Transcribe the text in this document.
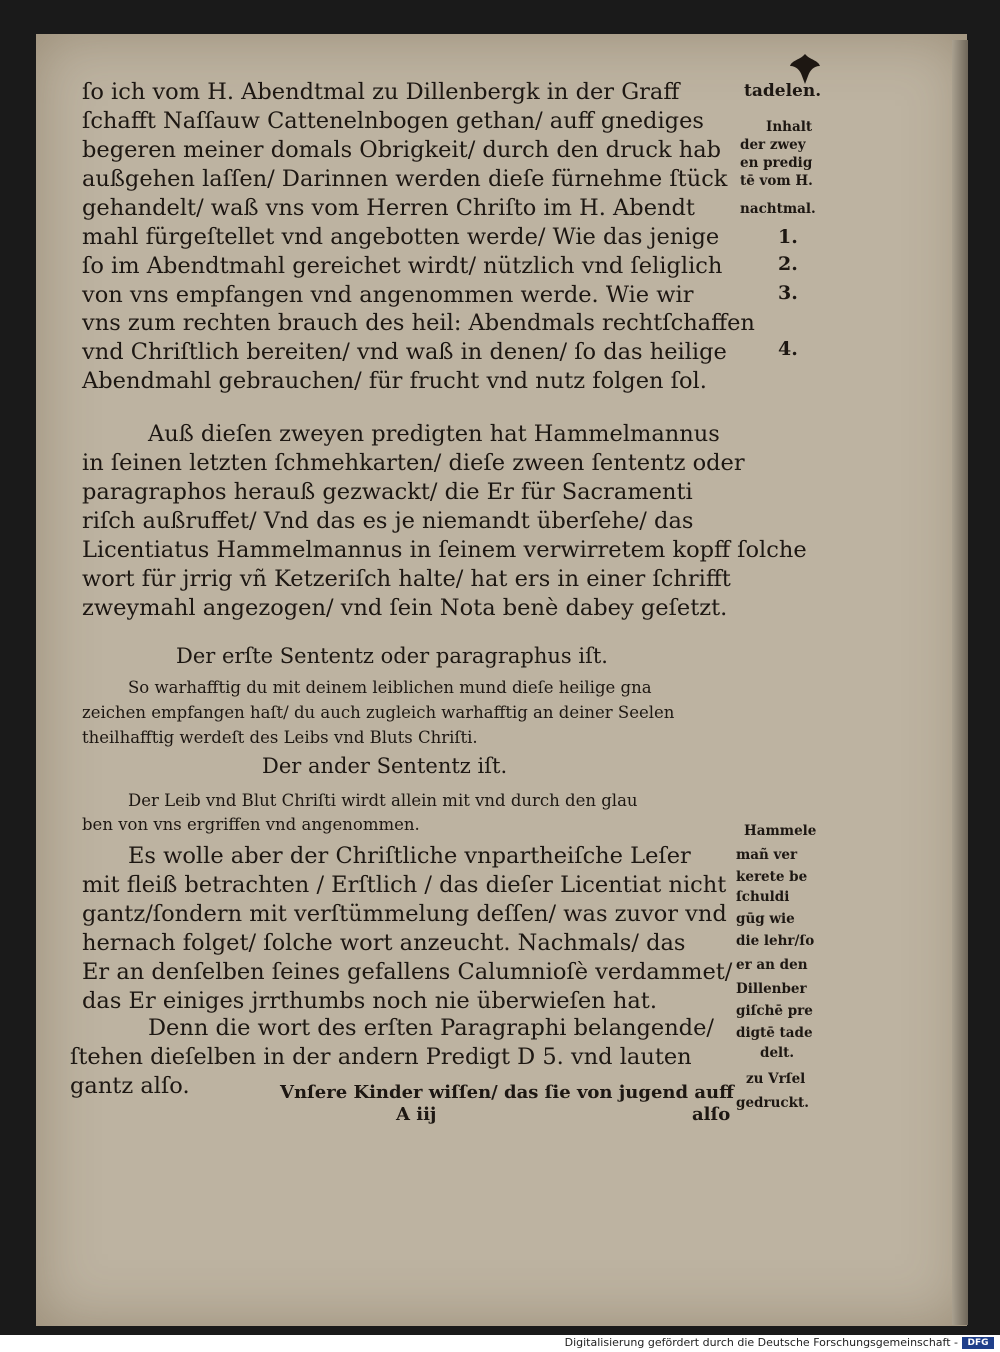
ſo ich vom H. Abendtmal zu Dillenbergk in der Graff
ſchafft Naſſauw Cattenelnbogen gethan/ auff gnediges
begeren meiner domals Obrigkeit/ durch den druck hab
außgehen laſſen/ Darinnen werden dieſe fürnehme ſtück
gehandelt/ waß vns vom Herren Chriſto im H. Abendt
mahl fürgeſtellet vnd angebotten werde/ Wie das jenige
ſo im Abendtmahl gereichet wirdt/ nützlich vnd ſeliglich
von vns empfangen vnd angenommen werde. Wie wir
vns zum rechten brauch des heil: Abendmals rechtſchaffen
vnd Chriſtlich bereiten/ vnd waß in denen/ ſo das heilige
Abendmahl gebrauchen/ für frucht vnd nutz folgen ſol.
Auß dieſen zweyen predigten hat Hammelmannus
in ſeinen letzten ſchmehkarten/ dieſe zween ſententz oder
paragraphos herauß gezwackt/ die Er für Sacramenti
riſch außruffet/ Vnd das es je niemandt überſehe/ das
Licentiatus Hammelmannus in ſeinem verwirretem kopff ſolche
wort für jrrig vñ Ketzeriſch halte/ hat ers in einer ſchrifft
zweymahl angezogen/ vnd ſein Nota benè dabey geſetzt.
Der erſte Sententz oder paragraphus iſt.
So warhafftig du mit deinem leiblichen mund dieſe heilige gna
zeichen empfangen haſt/ du auch zugleich warhafftig an deiner Seelen
theilhafftig werdeſt des Leibs vnd Bluts Chriſti.
Der ander Sententz iſt.
Der Leib vnd Blut Chriſti wirdt allein mit vnd durch den glau
ben von vns ergriffen vnd angenommen.
Es wolle aber der Chriſtliche vnpartheiſche Leſer
mit fleiß betrachten / Erſtlich / das dieſer Licentiat nicht
gantz/ſondern mit verſtümmelung deſſen/ was zuvor vnd
hernach folget/ ſolche wort anzeucht. Nachmals/ das
Er an denſelben ſeines gefallens Calumnioſè verdammet/
das Er einiges jrrthumbs noch nie überwieſen hat.
Denn die wort des erſten Paragraphi belangende/
ſtehen dieſelben in der andern Predigt D 5. vnd lauten
gantz alſo.	Vnſere Kinder wiſſen/ das ſie von jugend auff
A iij	alſo
tadelen.
Inhalt
der zwey
en predig
tē vom H.
nachtmal.
1.
2.
3.
4.
Hammele
mañ ver
kerete be
ſchuldi
gūg wie
die lehr/ſo
er an den
Dillenber
giſchē pre
digtē tade
delt.
zu Vrſel
gedruckt.
Digitalisierung gefördert durch die Deutsche Forschungsgemeinschaft -	DFG
